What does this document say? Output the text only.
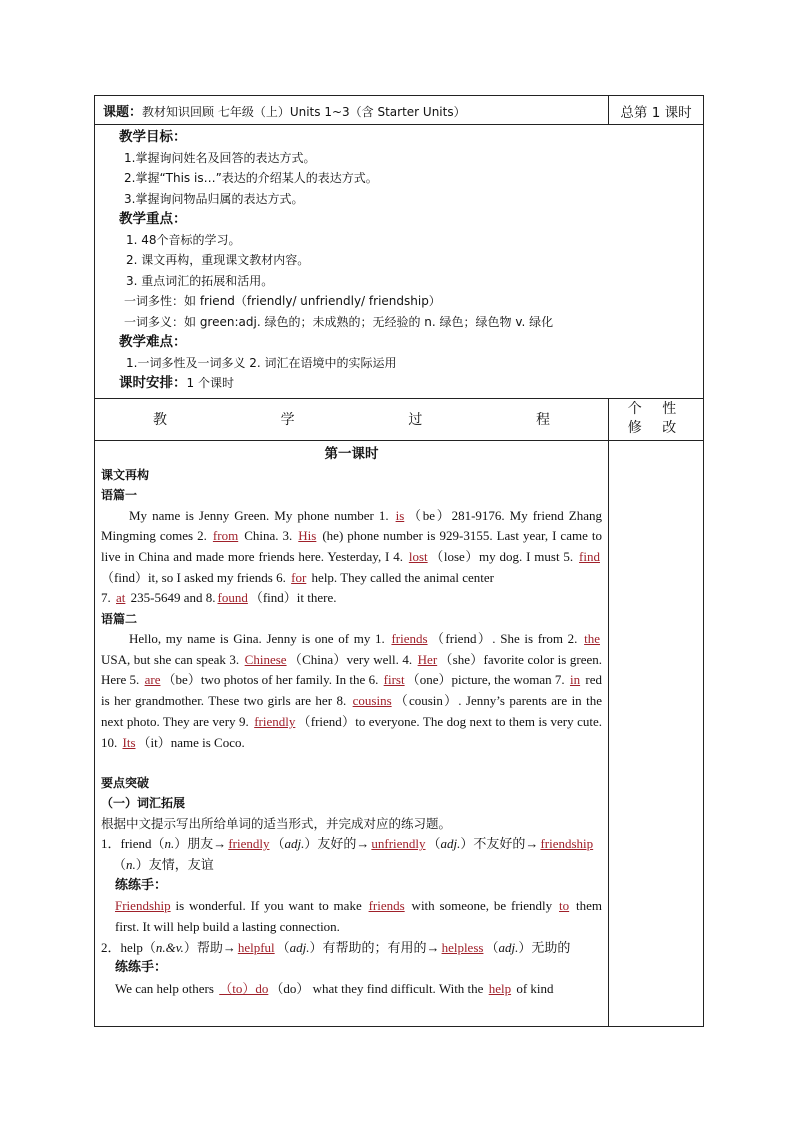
课题：教材知识回顾 七年级（上）Units 1~3（含 Starter Units）	总第 1 课时
教学目标：
1.掌握询问姓名及回答的表达方式。
2.掌握“This is…”表达的介绍某人的表达方式。
3.掌握询问物品归属的表达方式。
教学重点：
1. 48个音标的学习。
2. 课文再构，重现课文教材内容。
3. 重点词汇的拓展和活用。
一词多性：如 friend（friendly/ unfriendly/ friendship）
一词多义：如 green:adj. 绿色的；未成熟的；无经验的 n. 绿色；绿色物 v. 绿化
教学难点：
1.一词多性及一词多义 2. 词汇在语境中的实际运用
课时安排：1 个课时
教	学	过	程
个 性
修 改
第一课时
课文再构
语篇一
My name is Jenny Green. My phone number 1. is （be）281-9176. My friend Zhang Mingming comes 2. from China. 3. His (he) phone number is 929-3155. Last year, I came to live in China and made more friends here. Yesterday, I 4. lost （lose）my dog. I must 5. find（find）it, so I asked my friends 6. for help. They called the animal center
7. at 235-5649 and 8. found （find）it there.
语篇二
Hello, my name is Gina. Jenny is one of my 1. friends （friend）. She is from 2. the USA, but she can speak 3. Chinese （China）very well. 4. Her （she）favorite color is green. Here 5. are （be）two photos of her family. In the 6. first （one）picture, the woman 7. in red is her grandmother. These two girls are her 8. cousins （cousin）. Jenny’s parents are in the next photo. They are very 9. friendly （friend）to everyone. The dog next to them is very cute. 10. Its （it）name is Coco.
要点突破
（一）词汇拓展
根据中文提示写出所给单词的适当形式，并完成对应的练习题。
1．friend（n.）朋友→ friendly （adj.）友好的→ unfriendly （adj.）不友好的→ friendship
（n.）友情，友谊
练练手：
Friendship is wonderful. If you want to make friends with someone, be friendly to them first. It will help build a lasting connection.
2．help（n.&v.）帮助→ helpful （adj.）有帮助的；有用的→ helpless （adj.）无助的
练练手：
We can help others （to）do （do） what they find difficult. With the help of kind
